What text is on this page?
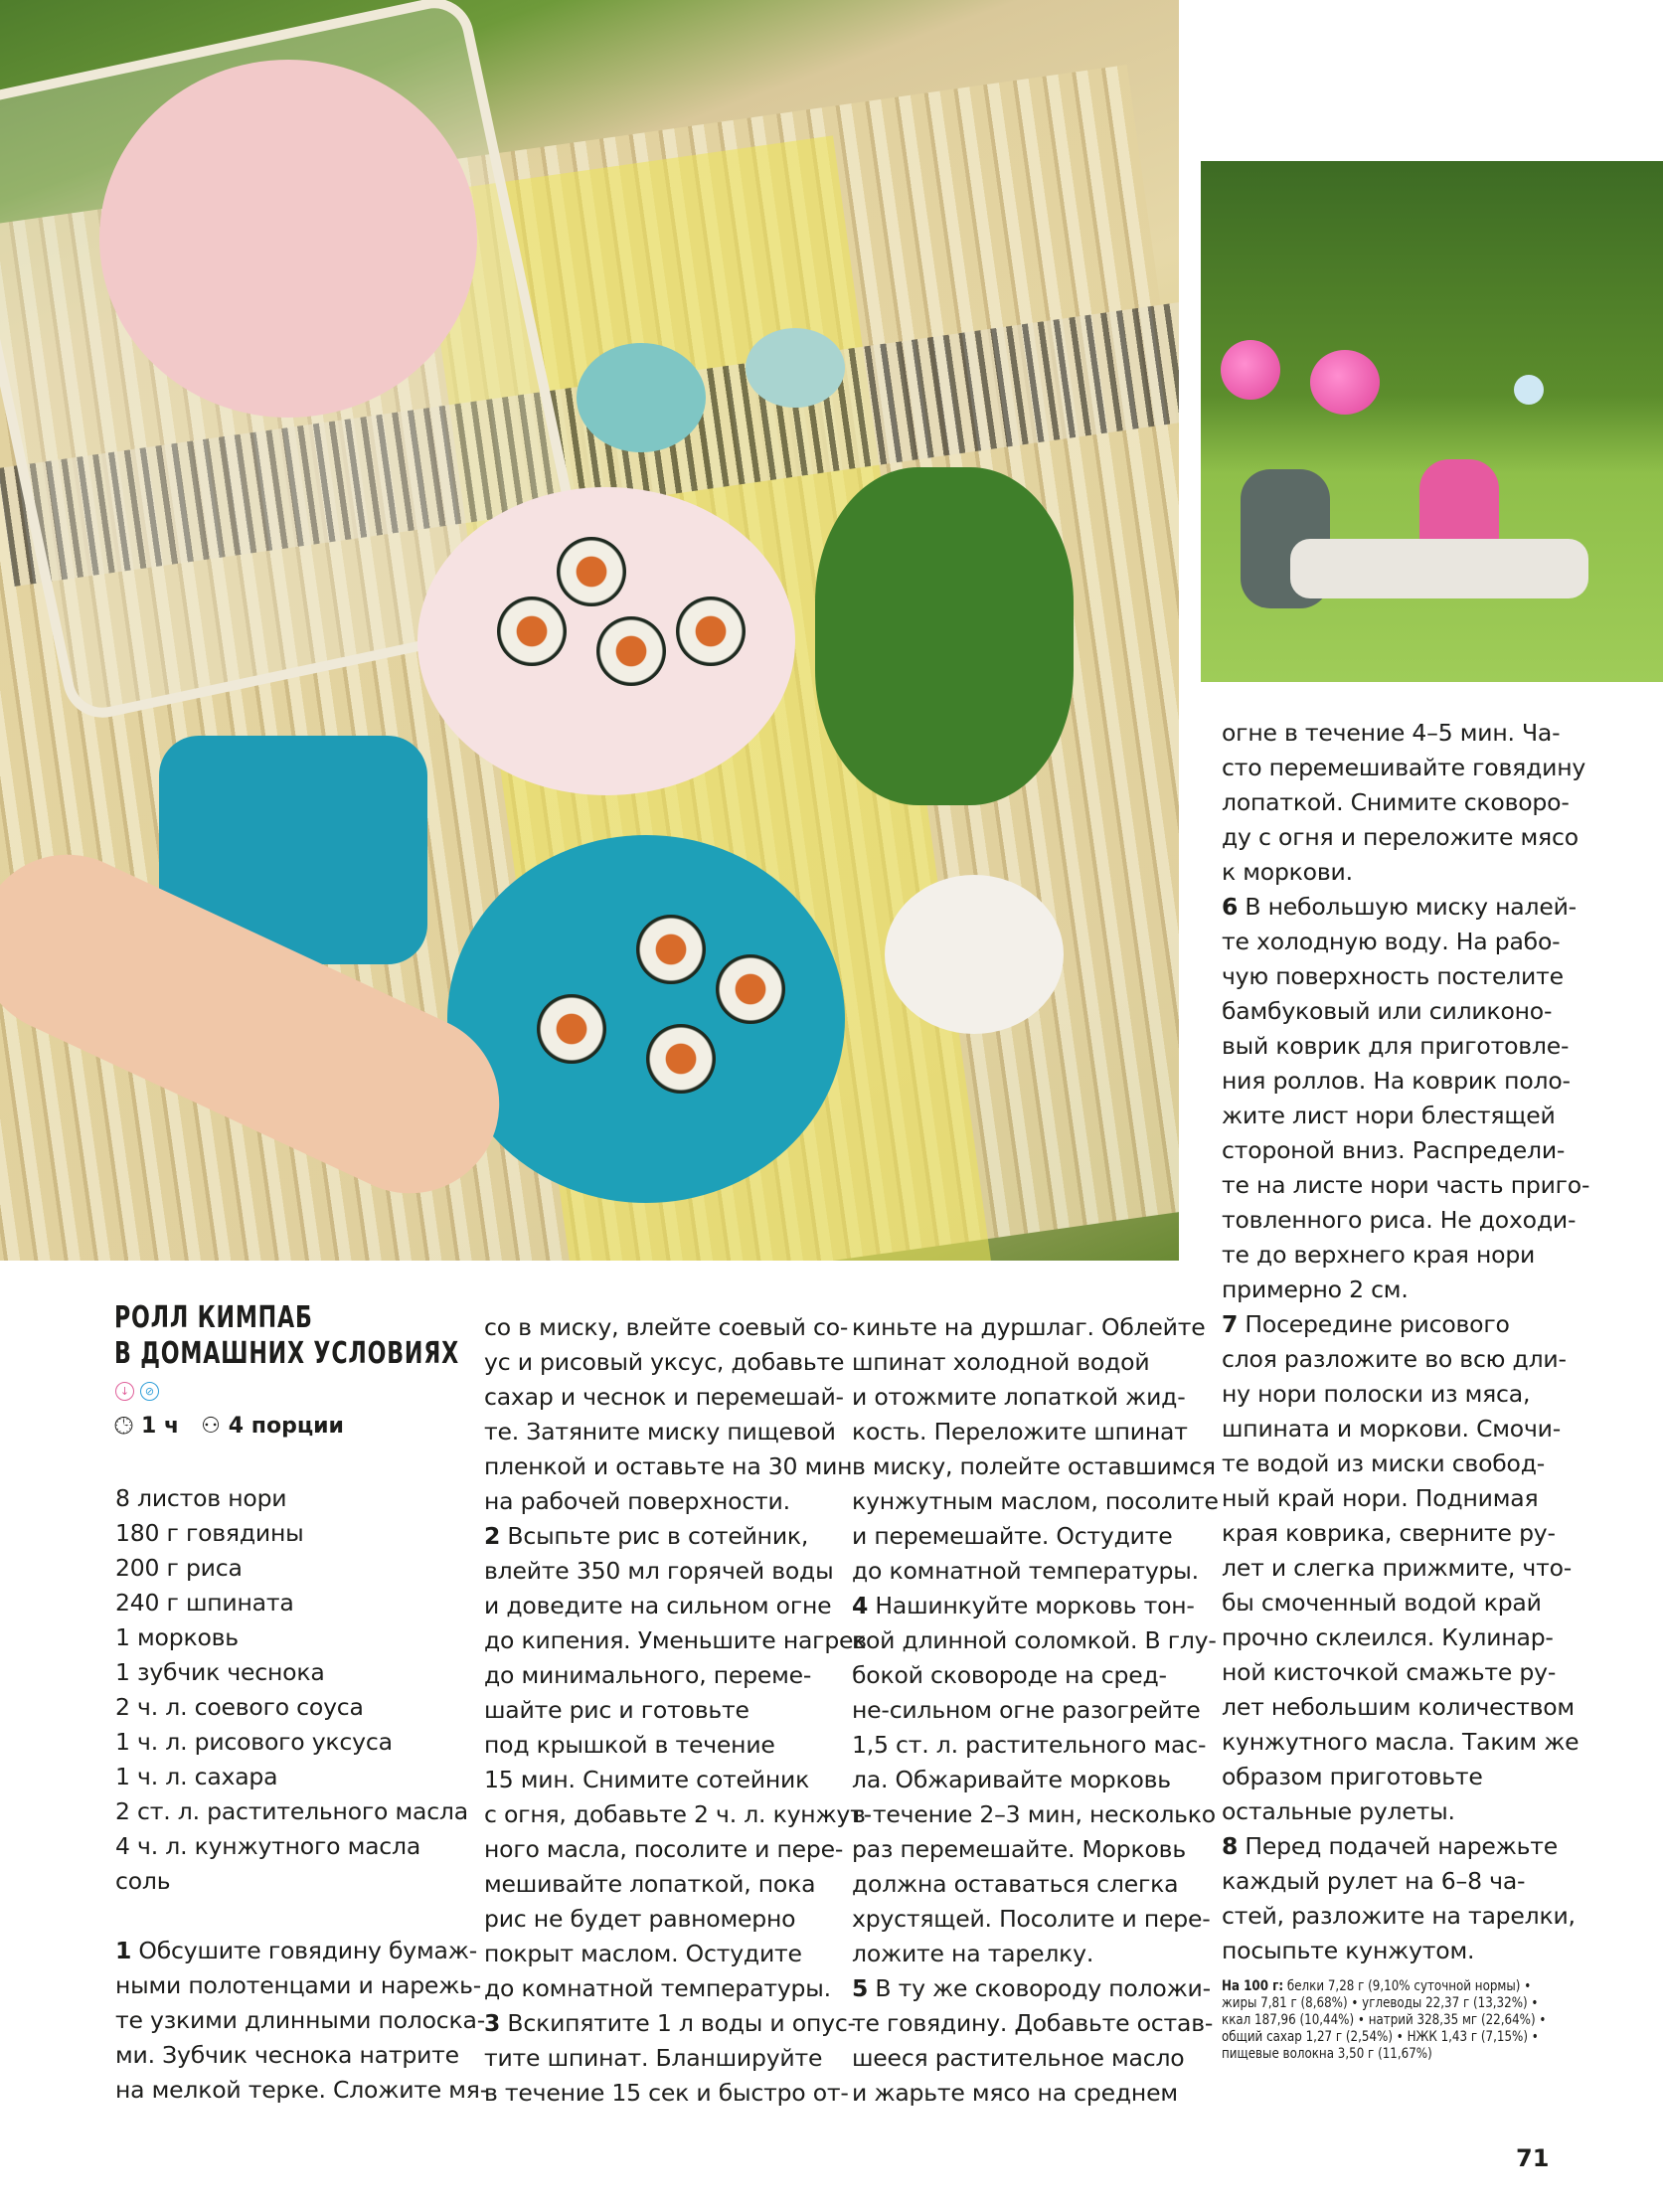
РОЛЛ КИМПАБ
В ДОМАШНИХ УСЛОВИЯХ
↓	⊘
🕒︎ 1 ч ⚇ 4 порции
8 листов нори
180 г говядины
200 г риса
240 г шпината
1 морковь
1 зубчик чеснока
2 ч. л. соевого соуса
1 ч. л. рисового уксуса
1 ч. л. сахара
2 ст. л. растительного масла
4 ч. л. кунжутного масла
соль
1 Обсушите говядину бумаж-
ными полотенцами и нарежь-
те узкими длинными полоска-
ми. Зубчик чеснока натрите
на мелкой терке. Сложите мя-
со в миску, влейте соевый со-
ус и рисовый уксус, добавьте
сахар и чеснок и перемешай-
те. Затяните миску пищевой
пленкой и оставьте на 30 мин
на рабочей поверхности.
2 Всыпьте рис в сотейник,
влейте 350 мл горячей воды
и доведите на сильном огне
до кипения. Уменьшите нагрев
до минимального, переме-
шайте рис и готовьте
под крышкой в течение
15 мин. Снимите сотейник
с огня, добавьте 2 ч. л. кунжут-
ного масла, посолите и пере-
мешивайте лопаткой, пока
рис не будет равномерно
покрыт маслом. Остудите
до комнатной температуры.
3 Вскипятите 1 л воды и опус-
тите шпинат. Бланшируйте
в течение 15 сек и быстро от-
киньте на дуршлаг. Облейте
шпинат холодной водой
и отожмите лопаткой жид-
кость. Переложите шпинат
в миску, полейте оставшимся
кунжутным маслом, посолите
и перемешайте. Остудите
до комнатной температуры.
4 Нашинкуйте морковь тон-
кой длинной соломкой. В глу-
бокой сковороде на сред-
не-сильном огне разогрейте
1,5 ст. л. растительного мас-
ла. Обжаривайте морковь
в течение 2–3 мин, несколько
раз перемешайте. Морковь
должна оставаться слегка
хрустящей. Посолите и пере-
ложите на тарелку.
5 В ту же сковороду положи-
те говядину. Добавьте остав-
шееся растительное масло
и жарьте мясо на среднем
огне в течение 4–5 мин. Ча-
сто перемешивайте говядину
лопаткой. Снимите сковоро-
ду с огня и переложите мясо
к моркови.
6 В небольшую миску налей-
те холодную воду. На рабо-
чую поверхность постелите
бамбуковый или силиконо-
вый коврик для приготовле-
ния роллов. На коврик поло-
жите лист нори блестящей
стороной вниз. Распредели-
те на листе нори часть приго-
товленного риса. Не доходи-
те до верхнего края нори
примерно 2 см.
7 Посередине рисового
слоя разложите во всю дли-
ну нори полоски из мяса,
шпината и моркови. Смочи-
те водой из миски свобод-
ный край нори. Поднимая
края коврика, сверните ру-
лет и слегка прижмите, что-
бы смоченный водой край
прочно склеился. Кулинар-
ной кисточкой смажьте ру-
лет небольшим количеством
кунжутного масла. Таким же
образом приготовьте
остальные рулеты.
8 Перед подачей нарежьте
каждый рулет на 6–8 ча-
стей, разложите на тарелки,
посыпьте кунжутом.
На 100 г: белки 7,28 г (9,10% суточной нормы) • жиры 7,81 г (8,68%) • углеводы 22,37 г (13,32%) • ккал 187,96 (10,44%) • натрий 328,35 мг (22,64%) • общий сахар 1,27 г (2,54%) • НЖК 1,43 г (7,15%) • пищевые волокна 3,50 г (11,67%)
71
